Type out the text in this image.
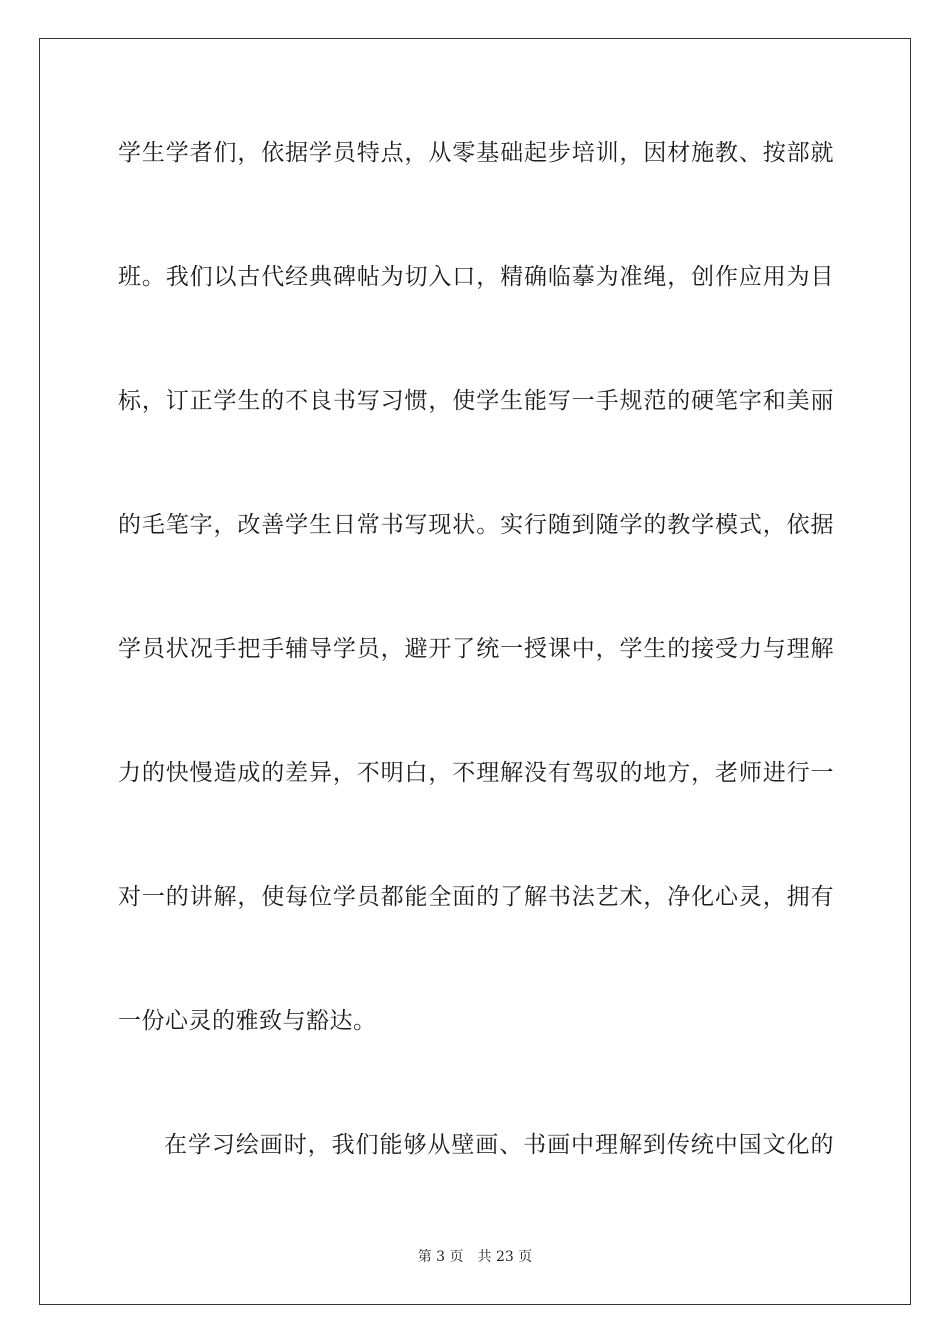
学生学者们，依据学员特点，从零基础起步培训，因材施教、按部就

班。我们以古代经典碑帖为切入口，精确临摹为准绳，创作应用为目

标，订正学生的不良书写习惯，使学生能写一手规范的硬笔字和美丽

的毛笔字，改善学生日常书写现状。实行随到随学的教学模式，依据

学员状况手把手辅导学员，避开了统一授课中，学生的接受力与理解

力的快慢造成的差异，不明白，不理解没有驾驭的地方，老师进行一

对一的讲解，使每位学员都能全面的了解书法艺术，净化心灵，拥有

一份心灵的雅致与豁达。

在学习绘画时，我们能够从壁画、书画中理解到传统中国文化的

第 3 页 共 23 页
